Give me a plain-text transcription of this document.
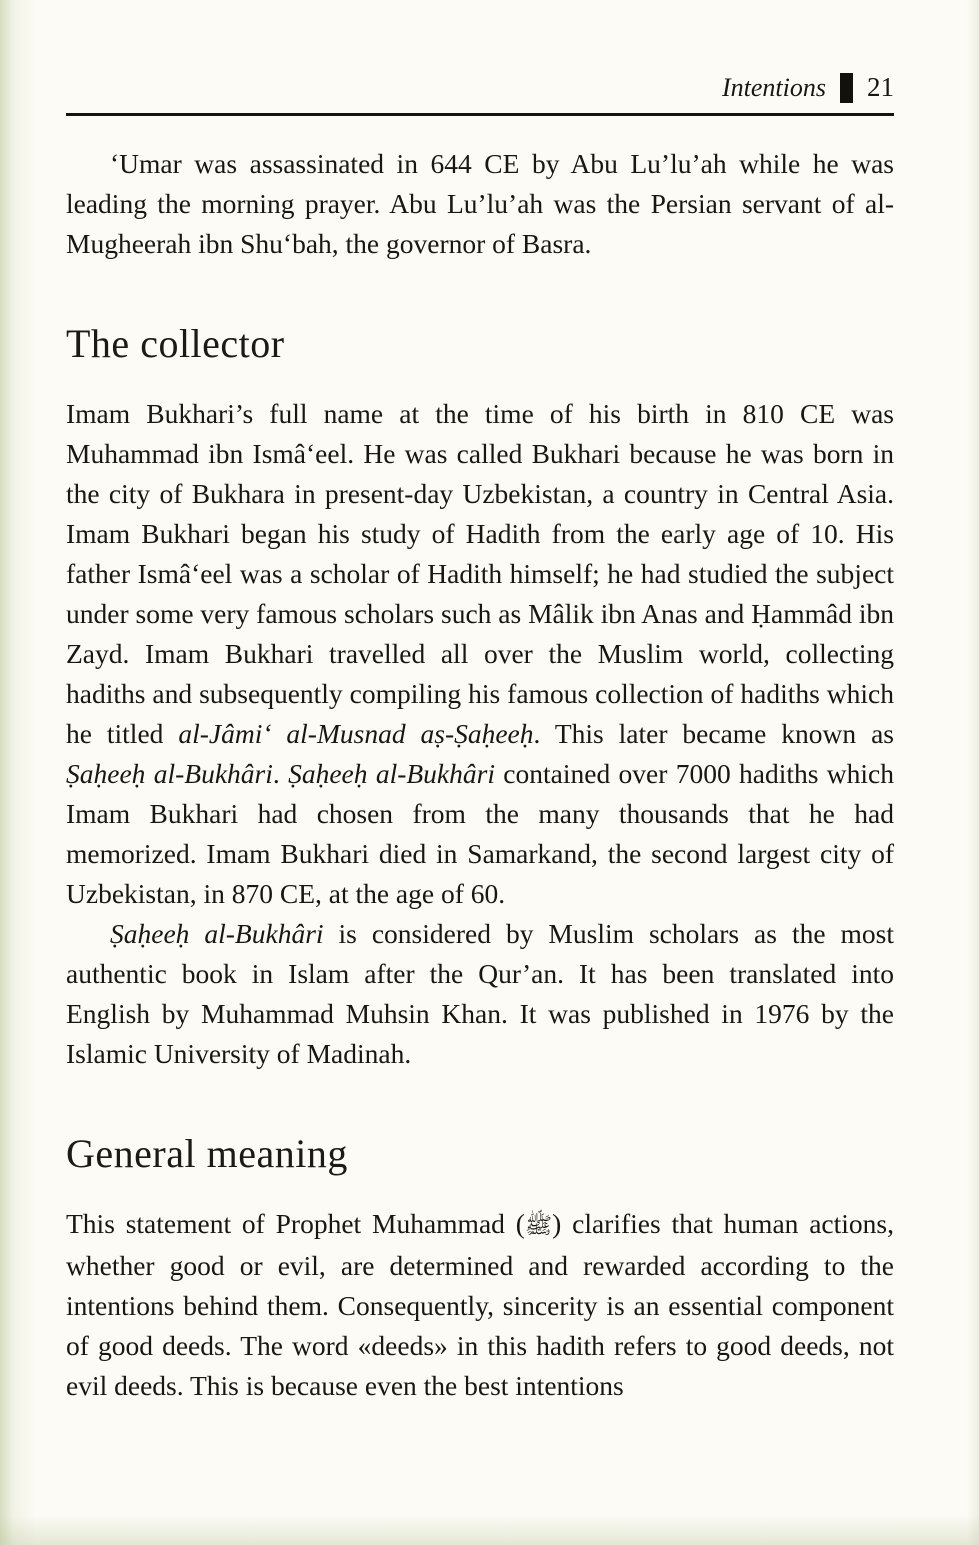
Intentions 21

‘Umar was assassinated in 644 CE by Abu Lu’lu’ah while he was leading the morning prayer. Abu Lu’lu’ah was the Persian servant of al-Mugheerah ibn Shu‘bah, the governor of Basra.

The collector

Imam Bukhari’s full name at the time of his birth in 810 CE was Muhammad ibn Ismâ‘eel. He was called Bukhari because he was born in the city of Bukhara in present-day Uzbekistan, a country in Central Asia. Imam Bukhari began his study of Hadith from the early age of 10. His father Ismâ‘eel was a scholar of Hadith himself; he had studied the subject under some very famous scholars such as Mâlik ibn Anas and Ḥammâd ibn Zayd. Imam Bukhari travelled all over the Muslim world, collecting hadiths and subsequently compiling his famous collection of hadiths which he titled al-Jâmi‘ al-Musnad aṣ-Ṣaḥeeḥ. This later became known as Ṣaḥeeḥ al-Bukhâri. Ṣaḥeeḥ al-Bukhâri contained over 7000 hadiths which Imam Bukhari had chosen from the many thousands that he had memorized. Imam Bukhari died in Samarkand, the second largest city of Uzbekistan, in 870 CE, at the age of 60.

Ṣaḥeeḥ al-Bukhâri is considered by Muslim scholars as the most authentic book in Islam after the Qur’an. It has been translated into English by Muhammad Muhsin Khan. It was published in 1976 by the Islamic University of Madinah.

General meaning

This statement of Prophet Muhammad (ﷺ) clarifies that human actions, whether good or evil, are determined and rewarded according to the intentions behind them. Consequently, sincerity is an essential component of good deeds. The word «deeds» in this hadith refers to good deeds, not evil deeds. This is because even the best intentions
